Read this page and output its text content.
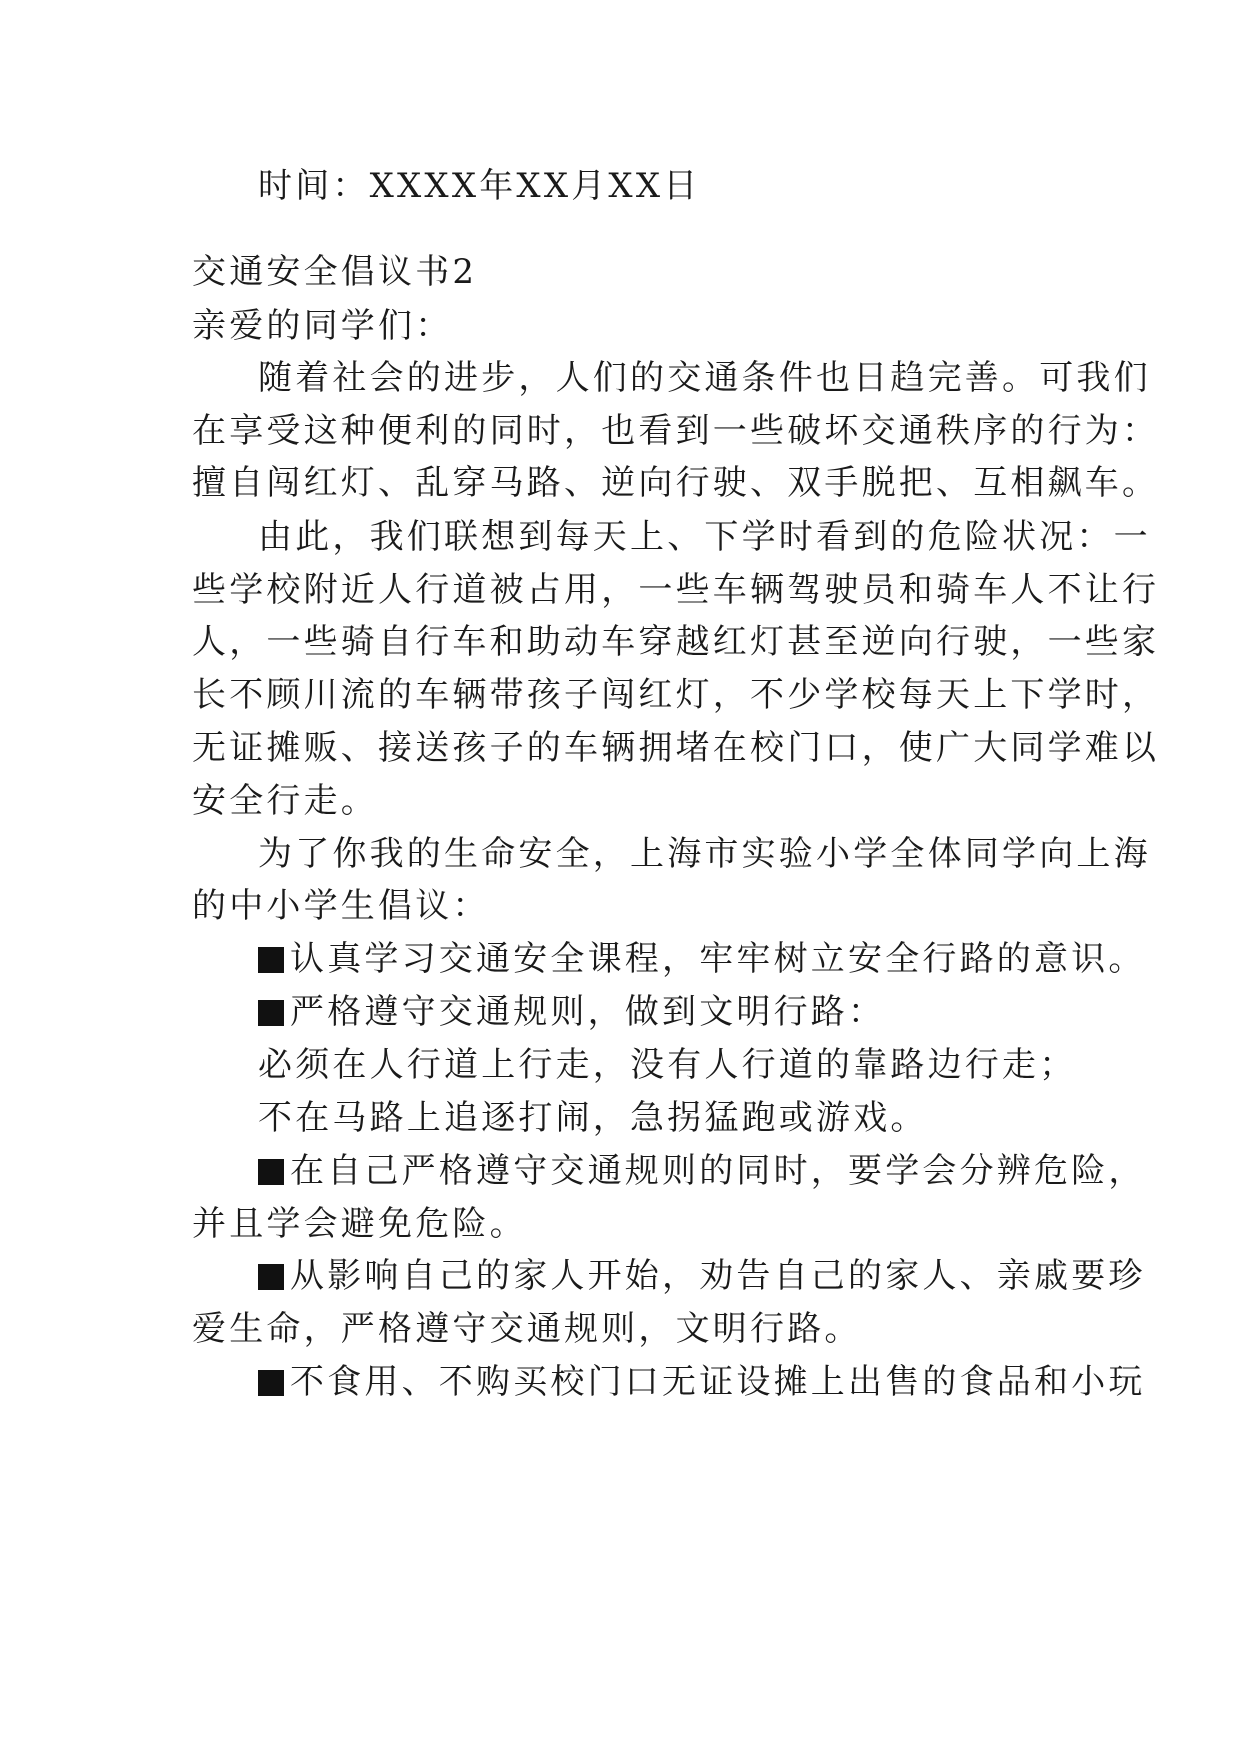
时间：XXXX年XX月XX日
交通安全倡议书2
亲爱的同学们：
随着社会的进步，人们的交通条件也日趋完善。可我们
在享受这种便利的同时，也看到一些破坏交通秩序的行为：
擅自闯红灯、乱穿马路、逆向行驶、双手脱把、互相飙车。
由此，我们联想到每天上、下学时看到的危险状况：一
些学校附近人行道被占用，一些车辆驾驶员和骑车人不让行
人，一些骑自行车和助动车穿越红灯甚至逆向行驶，一些家
长不顾川流的车辆带孩子闯红灯，不少学校每天上下学时，
无证摊贩、接送孩子的车辆拥堵在校门口，使广大同学难以
安全行走。
为了你我的生命安全，上海市实验小学全体同学向上海
的中小学生倡议：
认真学习交通安全课程，牢牢树立安全行路的意识。
严格遵守交通规则，做到文明行路：
必须在人行道上行走，没有人行道的靠路边行走；
不在马路上追逐打闹，急拐猛跑或游戏。
在自己严格遵守交通规则的同时，要学会分辨危险，
并且学会避免危险。
从影响自己的家人开始，劝告自己的家人、亲戚要珍
爱生命，严格遵守交通规则，文明行路。
不食用、不购买校门口无证设摊上出售的食品和小玩
